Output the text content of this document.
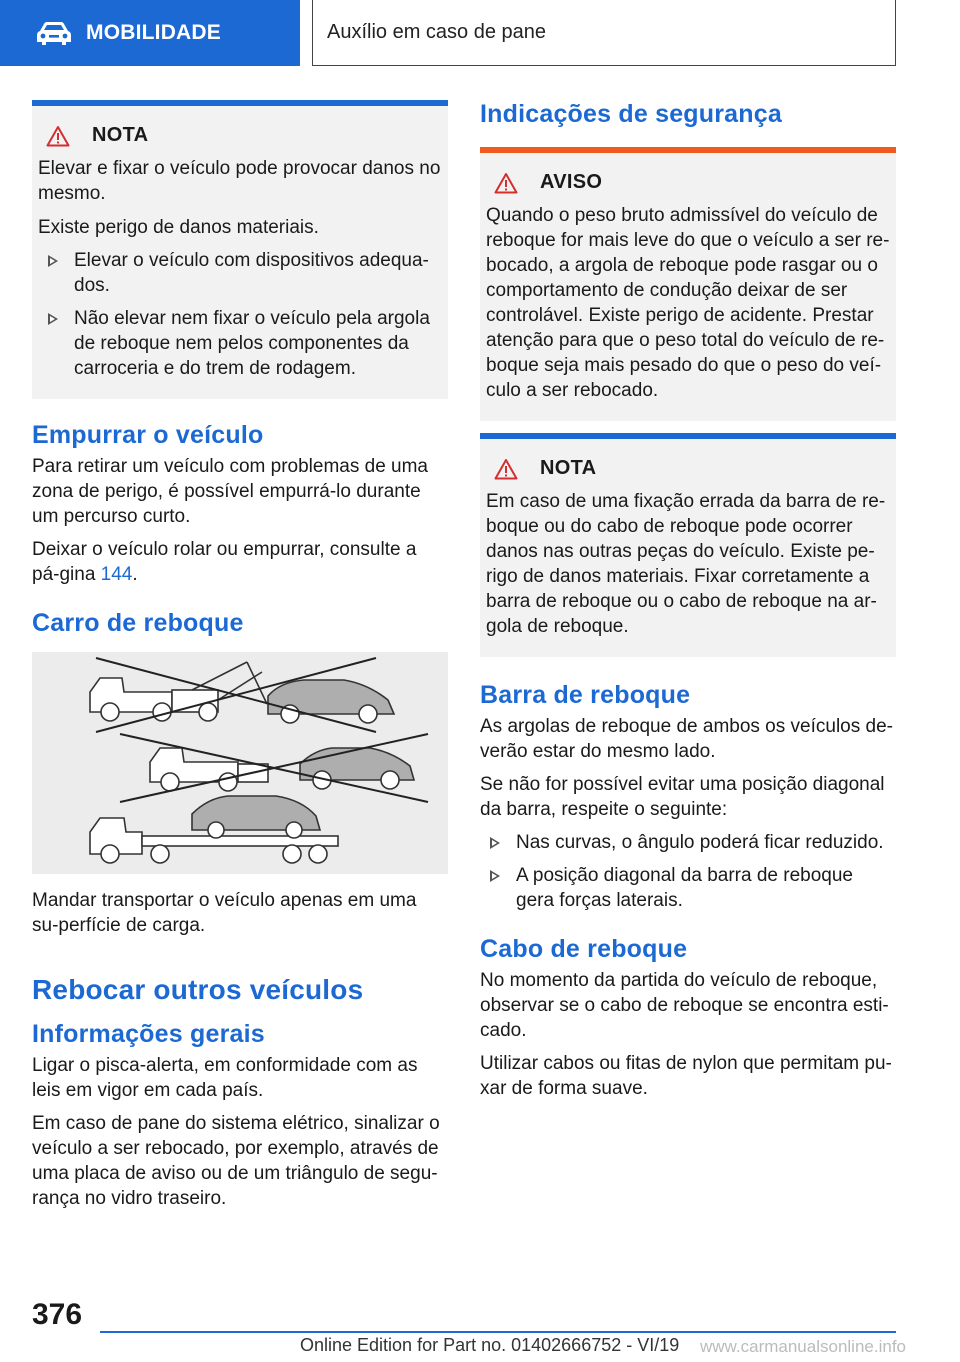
MOBILIDADE	Auxílio em caso de pane
NOTA

Elevar e fixar o veículo pode provocar danos no mesmo.

Existe perigo de danos materiais.

Elevar o veículo com dispositivos adequa-dos.
Não elevar nem fixar o veículo pela argola de reboque nem pelos componentes da carroceria e do trem de rodagem.
Empurrar o veículo

Para retirar um veículo com problemas de uma zona de perigo, é possível empurrá-lo durante um percurso curto.

Deixar o veículo rolar ou empurrar, consulte a pá-gina 144.

Carro de reboque

Mandar transportar o veículo apenas em uma su-perfície de carga.

Rebocar outros veículos
Informações gerais

Ligar o pisca-alerta, em conformidade com as leis em vigor em cada país.

Em caso de pane do sistema elétrico, sinalizar o veículo a ser rebocado, por exemplo, através de uma placa de aviso ou de um triângulo de segu-rança no vidro traseiro.

Indicações de segurança
AVISO

Quando o peso bruto admissível do veículo de reboque for mais leve do que o veículo a ser re-bocado, a argola de reboque pode rasgar ou o comportamento de condução deixar de ser controlável. Existe perigo de acidente. Prestar atenção para que o peso total do veículo de re-boque seja mais pesado do que o peso do veí-culo a ser rebocado.

NOTA

Em caso de uma fixação errada da barra de re-boque ou do cabo de reboque pode ocorrer danos nas outras peças do veículo. Existe pe-rigo de danos materiais. Fixar corretamente a barra de reboque ou o cabo de reboque na ar-gola de reboque.

Barra de reboque

As argolas de reboque de ambos os veículos de-verão estar do mesmo lado.

Se não for possível evitar uma posição diagonal da barra, respeite o seguinte:

Nas curvas, o ângulo poderá ficar reduzido.
A posição diagonal da barra de reboque gera forças laterais.
Cabo de reboque

No momento da partida do veículo de reboque, observar se o cabo de reboque se encontra esti-cado.

Utilizar cabos ou fitas de nylon que permitam pu-xar de forma suave.

376
Online Edition for Part no. 01402666752 - VI/19 www.carmanualsonline.info
